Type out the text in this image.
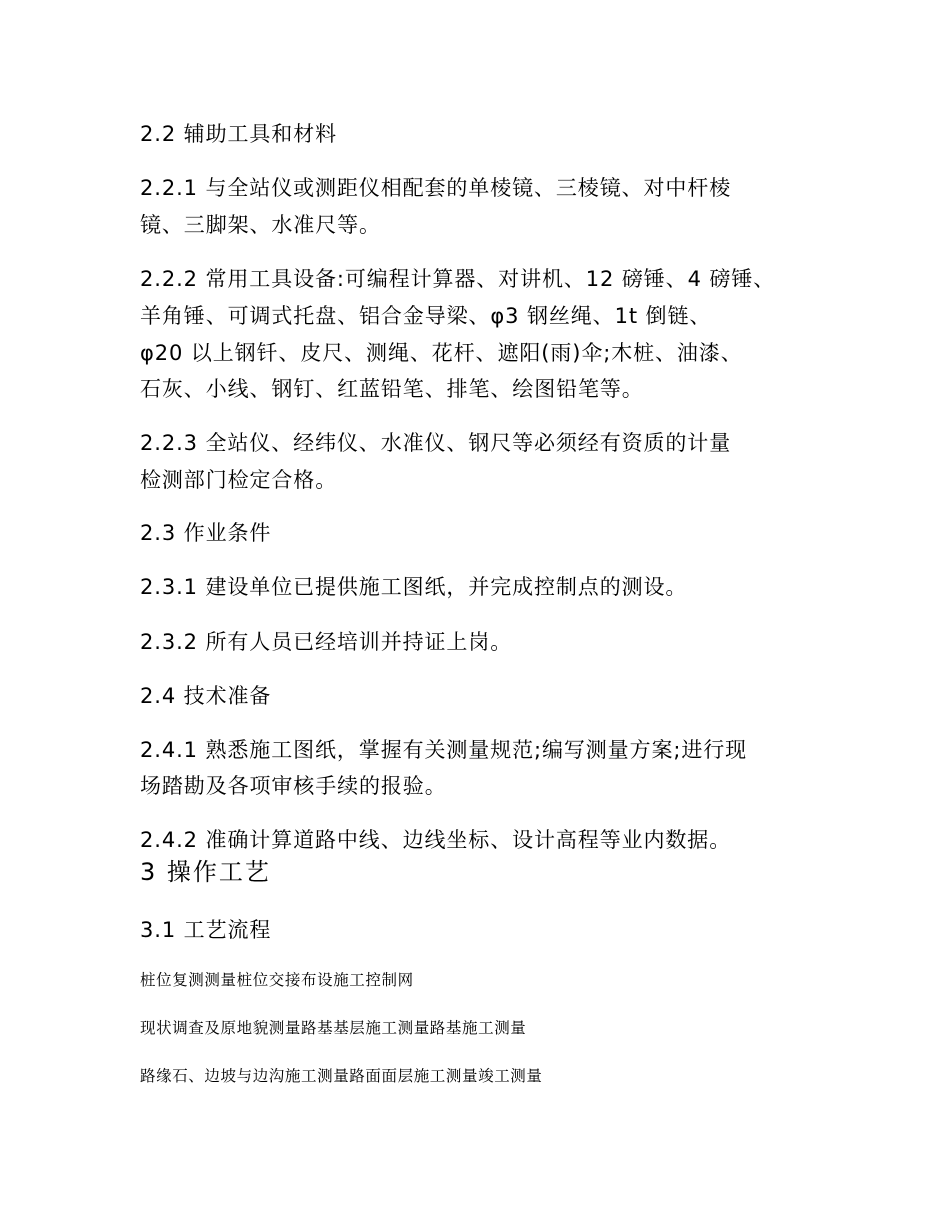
2.2 辅助工具和材料
2.2.1 与全站仪或测距仪相配套的单棱镜、三棱镜、对中杆棱
镜、三脚架、水准尺等。
2.2.2 常用工具设备:可编程计算器、对讲机、12 磅锤、4 磅锤、
羊角锤、可调式托盘、铝合金导梁、φ3 钢丝绳、1t 倒链、
φ20 以上钢钎、皮尺、测绳、花杆、遮阳(雨)伞;木桩、油漆、
石灰、小线、钢钉、红蓝铅笔、排笔、绘图铅笔等。
2.2.3 全站仪、经纬仪、水准仪、钢尺等必须经有资质的计量
检测部门检定合格。
2.3 作业条件
2.3.1 建设单位已提供施工图纸，并完成控制点的测设。
2.3.2 所有人员已经培训并持证上岗。
2.4 技术准备
2.4.1 熟悉施工图纸，掌握有关测量规范;编写测量方案;进行现
场踏勘及各项审核手续的报验。
2.4.2 准确计算道路中线、边线坐标、设计高程等业内数据。
3 操作工艺
3.1 工艺流程
桩位复测测量桩位交接布设施工控制网
现状调查及原地貌测量路基基层施工测量路基施工测量
路缘石、边坡与边沟施工测量路面面层施工测量竣工测量
